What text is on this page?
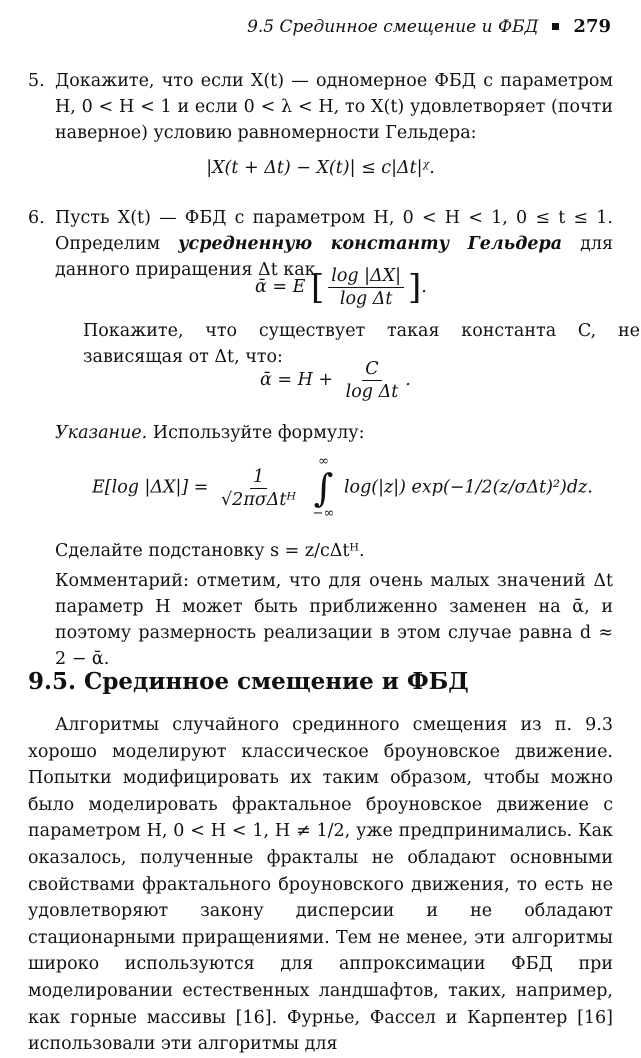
9.5 Срединное смещение и ФБД 279
5. Докажите, что если X(t) — одномерное ФБД с параметром H, 0 < H < 1 и если 0 < λ < H, то X(t) удовлетворяет (почти наверное) условию равномерности Гельдера:
|X(t + Δt) − X(t)| ≤ c|Δt|ᵡ.
6. Пусть X(t) — ФБД с параметром H, 0 < H < 1, 0 ≤ t ≤ 1. Определим усредненную константу Гельдера для данного приращения Δt как
ᾱ = E [ $\frac{\log |\Delta X|}{\text{log Δt}}$ ].
Покажите, что существует такая константа C, не зависящая от Δt, что:
ᾱ = $H + \frac{C}{\text{log Δt}}$ .
Указание. Используйте формулу:
E[log $|\Delta X|] = \frac{1}{\text{√2πσΔtᴴ}}$

∞
∫
−∞
log(|z|) exp(−1/2(z/σΔt)²)dz.
Сделайте подстановку s = z/cΔtᴴ.
Комментарий: отметим, что для очень малых значений Δt параметр H может быть приближенно заменен на ᾱ, и поэтому размерность реализации в этом случае равна d ≈ 2 − ᾱ.
9.5. Срединное смещение и ФБД
Алгоритмы случайного срединного смещения из п. 9.3 хорошо моделируют классическое броуновское движение. Попытки модифицировать их таким образом, чтобы можно было моделировать фрактальное броуновское движение с параметром H, 0 < H < 1, H ≠ 1/2, уже предпринимались. Как оказалось, полученные фракталы не обладают основными свойствами фрактального броуновского движения, то есть не удовлетворяют закону дисперсии и не обладают стационарными приращениями. Тем не менее, эти алгоритмы широко используются для аппроксимации ФБД при моделировании естественных ландшафтов, таких, например, как горные массивы [16]. Фурнье, Фассел и Карпентер [16] использовали эти алгоритмы для
